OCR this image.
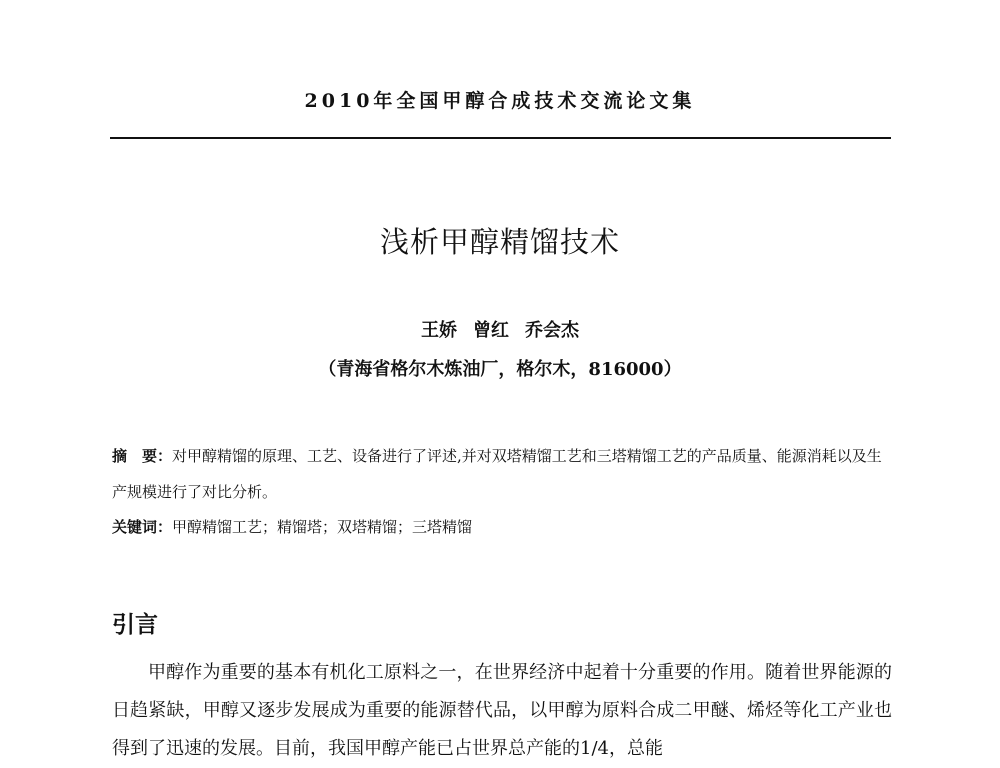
2010年全国甲醇合成技术交流论文集
浅析甲醇精馏技术
王娇 曾红 乔会杰
（青海省格尔木炼油厂，格尔木，816000）
摘　要：对甲醇精馏的原理、工艺、设备进行了评述,并对双塔精馏工艺和三塔精馏工艺的产品质量、能源消耗以及生产规模进行了对比分析。
关键词：甲醇精馏工艺；精馏塔；双塔精馏；三塔精馏
引言
甲醇作为重要的基本有机化工原料之一，在世界经济中起着十分重要的作用。随着世界能源的日趋紧缺，甲醇又逐步发展成为重要的能源替代品，以甲醇为原料合成二甲醚、烯烃等化工产业也得到了迅速的发展。目前，我国甲醇产能已占世界总产能的1/4，总能
